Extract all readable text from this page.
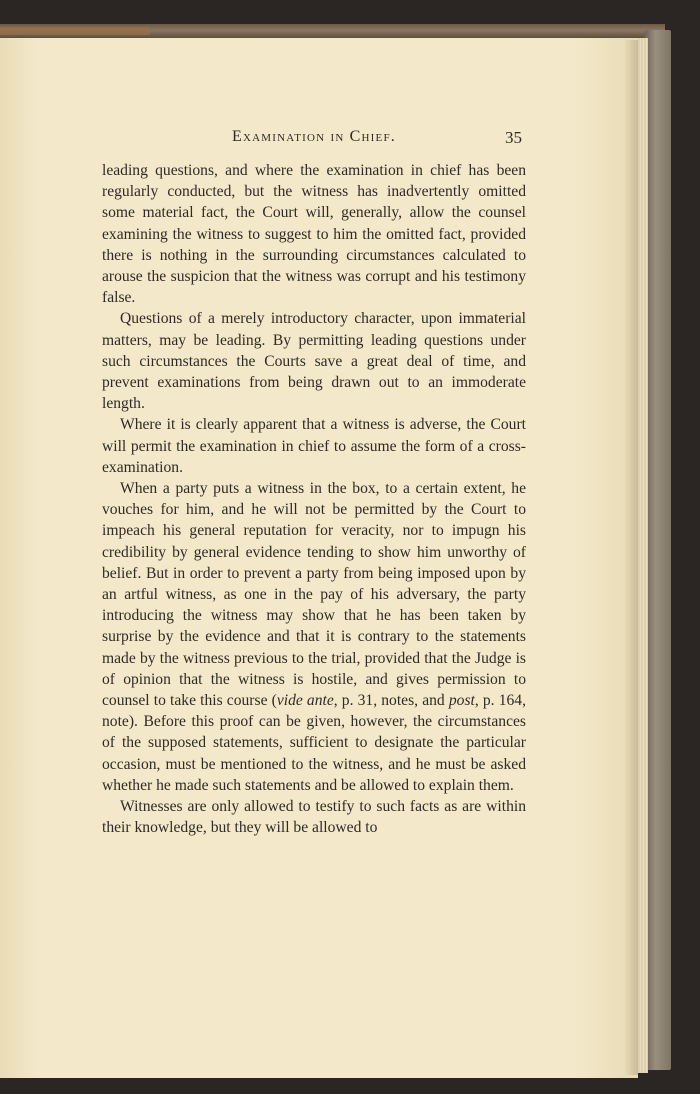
Examination in Chief.	35

leading questions, and where the examination in chief has been regularly conducted, but the witness has inadvertently omitted some material fact, the Court will, generally, allow the counsel examining the witness to suggest to him the omitted fact, provided there is nothing in the surrounding circumstances calculated to arouse the suspicion that the witness was corrupt and his testimony false.

Questions of a merely introductory character, upon immaterial matters, may be leading. By permitting leading questions under such circumstances the Courts save a great deal of time, and prevent examinations from being drawn out to an immoderate length.

Where it is clearly apparent that a witness is adverse, the Court will permit the examination in chief to assume the form of a cross-examination.

When a party puts a witness in the box, to a certain extent, he vouches for him, and he will not be permitted by the Court to impeach his general reputation for veracity, nor to impugn his credibility by general evidence tending to show him unworthy of belief. But in order to prevent a party from being imposed upon by an artful witness, as one in the pay of his adversary, the party introducing the witness may show that he has been taken by surprise by the evidence and that it is contrary to the statements made by the witness previous to the trial, provided that the Judge is of opinion that the witness is hostile, and gives permission to counsel to take this course (vide ante, p. 31, notes, and post, p. 164, note). Before this proof can be given, however, the circumstances of the supposed statements, sufficient to designate the particular occasion, must be mentioned to the witness, and he must be asked whether he made such statements and be allowed to explain them.

Witnesses are only allowed to testify to such facts as are within their knowledge, but they will be allowed to
